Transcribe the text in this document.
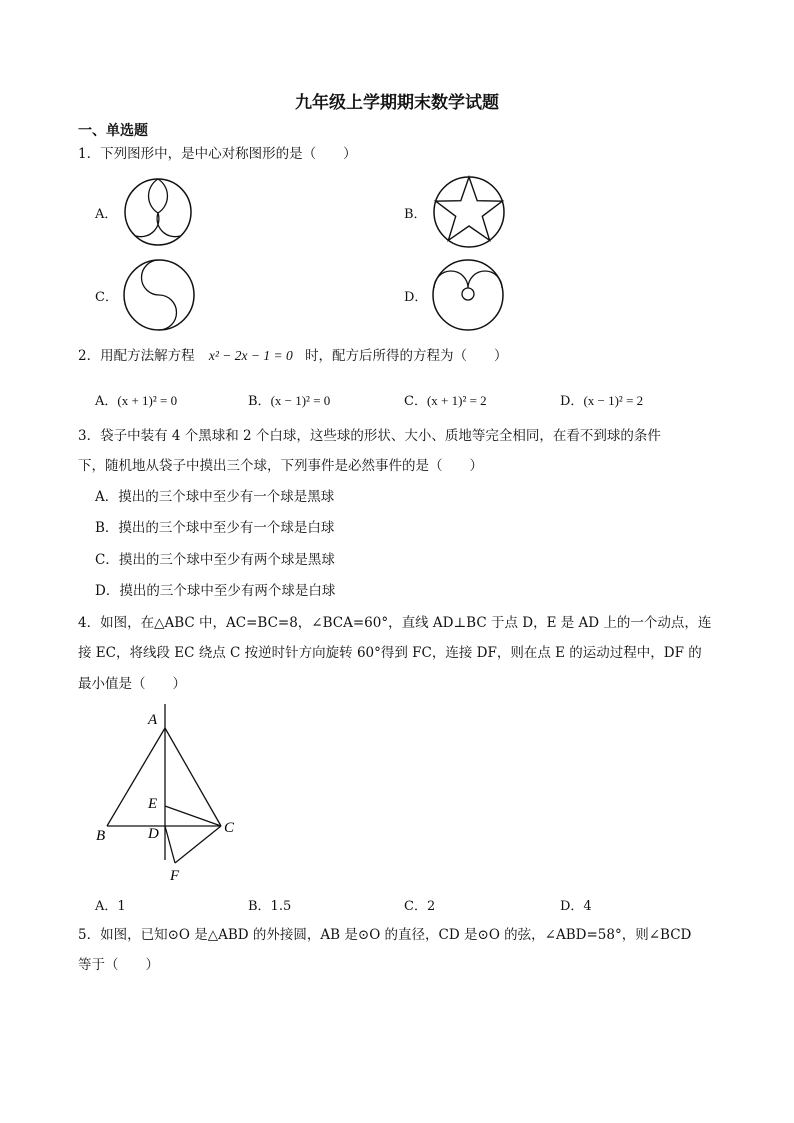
九年级上学期期末数学试题
一、单选题
1．下列图形中，是中心对称图形的是（　　）
A．	B．
C．	D．
2．用配方法解方程 x² − 2x − 1 = 0 时，配方后所得的方程为（　　）
A．(x + 1)² = 0	B．(x − 1)² = 0	C．(x + 1)² = 2	D．(x − 1)² = 2
3．袋子中装有 4 个黑球和 2 个白球，这些球的形状、大小、质地等完全相同，在看不到球的条件
下，随机地从袋子中摸出三个球，下列事件是必然事件的是（　　）
A．摸出的三个球中至少有一个球是黑球
B．摸出的三个球中至少有一个球是白球
C．摸出的三个球中至少有两个球是黑球
D．摸出的三个球中至少有两个球是白球
4．如图，在△ABC 中，AC=BC=8，∠BCA=60°，直线 AD⊥BC 于点 D，E 是 AD 上的一个动点，连
接 EC，将线段 EC 绕点 C 按逆时针方向旋转 60°得到 FC，连接 DF，则在点 E 的运动过程中，DF 的
最小值是（　　）
A
B	C
D
E
F
A．1	B．1.5	C．2	D．4
5．如图，已知⊙O 是△ABD 的外接圆，AB 是⊙O 的直径，CD 是⊙O 的弦，∠ABD=58°，则∠BCD
等于（　　）
